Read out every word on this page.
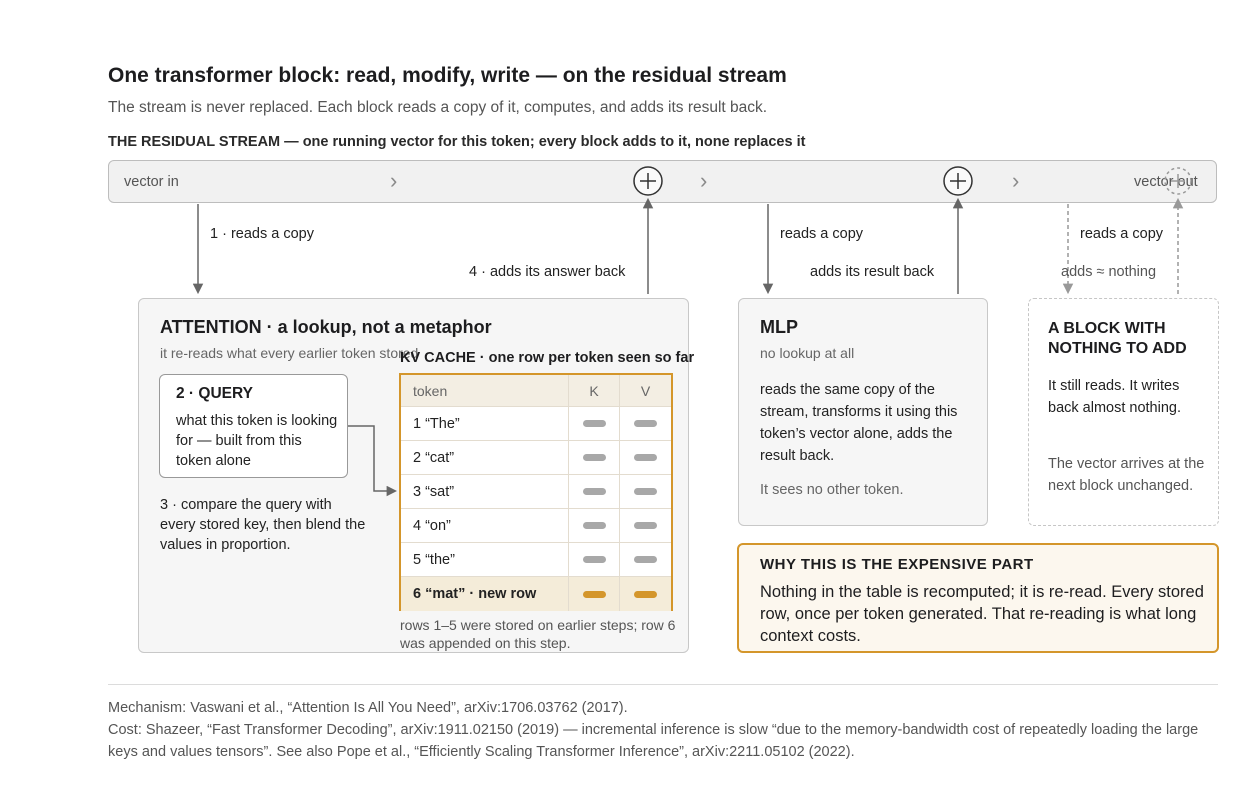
One transformer block: read, modify, write — on the residual stream
The stream is never replaced. Each block reads a copy of it, computes, and adds its result back.
THE RESIDUAL STREAM — one running vector for this token; every block adds to it, none replaces it
vector in	vector out
›	›	›
1 · reads a copy
4 · adds its answer back
reads a copy
adds its result back
reads a copy
adds ≈ nothing
ATTENTION · a lookup, not a metaphor
it re-reads what every earlier token stored
2 · QUERY
what this token is looking for — built from this token alone
3 · compare the query with every stored key, then blend the values in proportion.
KV CACHE · one row per token seen so far
token	K	V
1 “The”
2 “cat”
3 “sat”
4 “on”
5 “the”
6 “mat” · new row
rows 1–5 were stored on earlier steps; row 6 was appended on this step.
MLP
no lookup at all
reads the same copy of the stream, transforms it using this token’s vector alone, adds the result back.
It sees no other token.
A BLOCK WITH NOTHING TO ADD
It still reads. It writes back almost nothing.
The vector arrives at the next block unchanged.
WHY THIS IS THE EXPENSIVE PART
Nothing in the table is recomputed; it is re-read. Every stored row, once per token generated. That re-reading is what long context costs.
Mechanism: Vaswani et al., “Attention Is All You Need”, arXiv:1706.03762 (2017).
Cost: Shazeer, “Fast Transformer Decoding”, arXiv:1911.02150 (2019) — incremental inference is slow “due to the memory-bandwidth cost of repeatedly loading the large keys and values tensors”. See also Pope et al., “Efficiently Scaling Transformer Inference”, arXiv:2211.05102 (2022).
